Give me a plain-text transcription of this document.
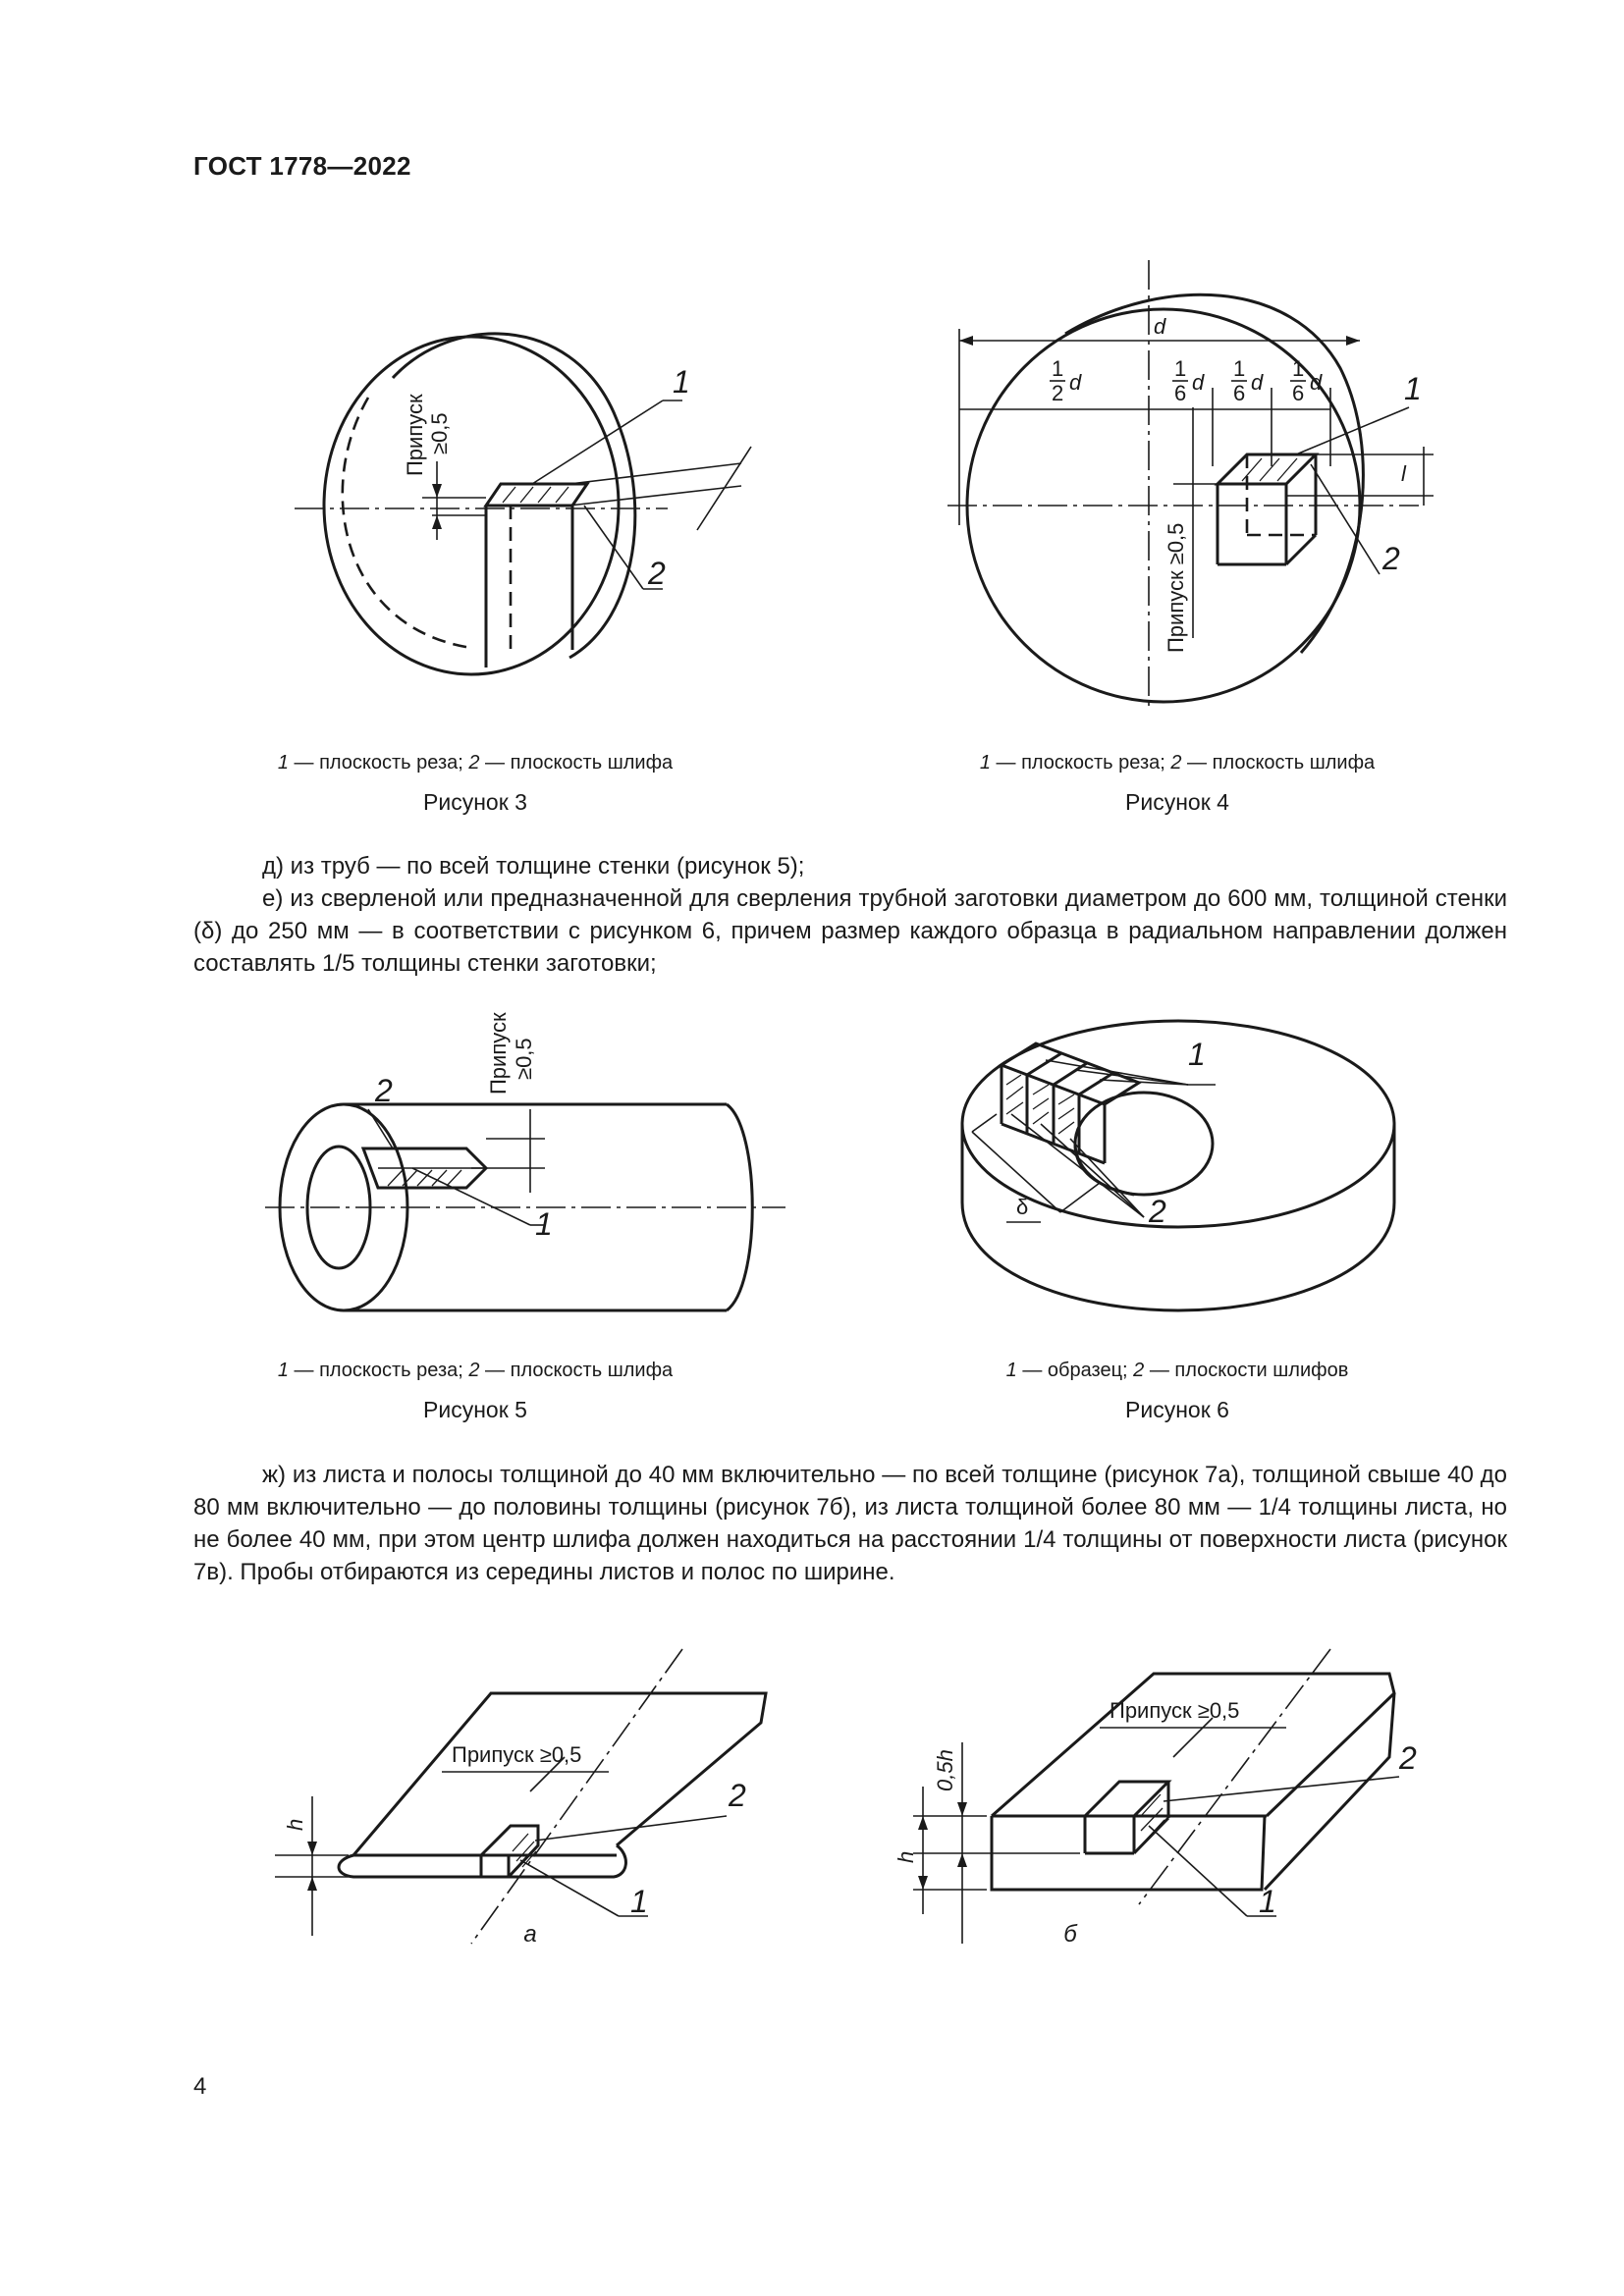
ГОСТ 1778—2022
Припуск ≥0,5
1
2
1 — плоскость реза; 2 — плоскость шлифа
Рисунок 3
d
1
2 d
1
6 d
1
6 d
1
6 d
l
Припуск ≥0,5
1
2
1 — плоскость реза; 2 — плоскость шлифа
Рисунок 4
д) из труб — по всей толщине стенки (рисунок 5);
е) из сверленой или предназначенной для сверления трубной заготовки диаметром до 600 мм, толщиной стенки (δ) до 250 мм — в соответствии с рисунком 6, причем размер каждого образца в радиальном направлении должен составлять 1/5 толщины стенки заготовки;
Припуск ≥0,5
2
1
1 — плоскость реза; 2 — плоскость шлифа
Рисунок 5
δ
1
2
1 — образец; 2 — плоскости шлифов
Рисунок 6
ж) из листа и полосы толщиной до 40 мм включительно — по всей толщине (рисунок 7а), толщиной свыше 40 до 80 мм включительно — до половины толщины (рисунок 7б), из листа толщиной более 80 мм — 1/4 толщины листа, но не более 40 мм, при этом центр шлифа должен находиться на расстоянии 1/4 толщины от поверхности листа (рисунок 7в). Пробы отбираются из середины листов и полос по ширине.
h
Припуск ≥0,5
2
1
а
0,5h
h
Припуск ≥0,5
2
1
б
4
